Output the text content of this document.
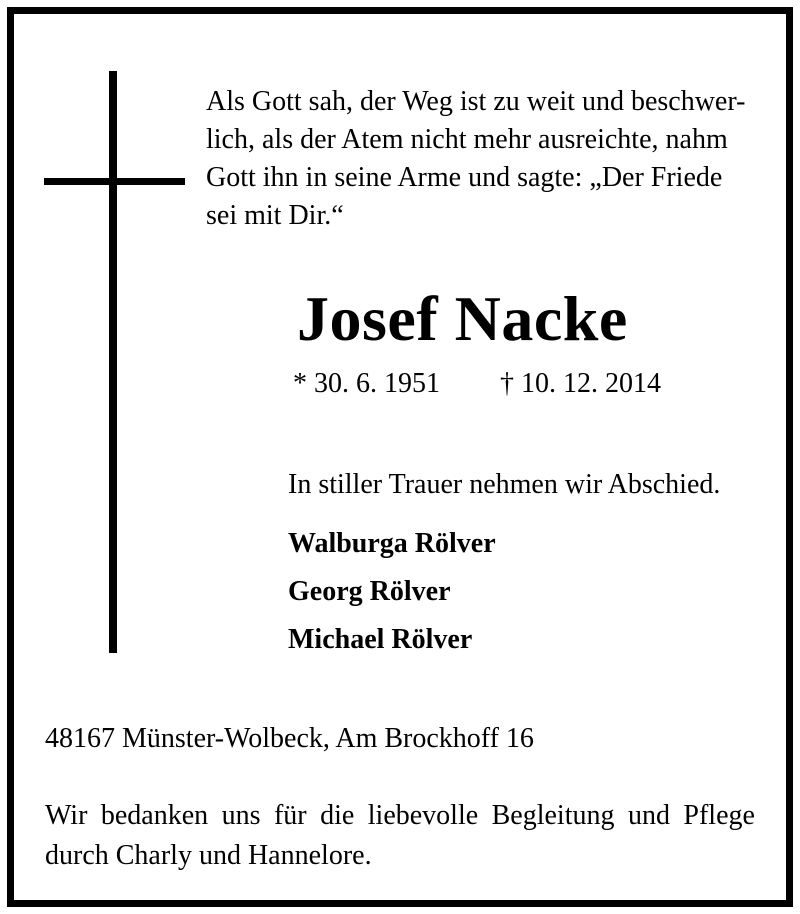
Als Gott sah, der Weg ist zu weit und beschwer-
lich, als der Atem nicht mehr ausreichte, nahm
Gott ihn in seine Arme und sagte: „Der Friede
sei mit Dir.“

Josef Nacke
* 30. 6. 1951 † 10. 12. 2014
In stiller Trauer nehmen wir Abschied.
Walburga Rölver
Georg Rölver
Michael Rölver
48167 Münster-Wolbeck, Am Brockhoff 16

Wir bedanken uns für die liebevolle Begleitung und Pflege
durch Charly und Hannelore.
